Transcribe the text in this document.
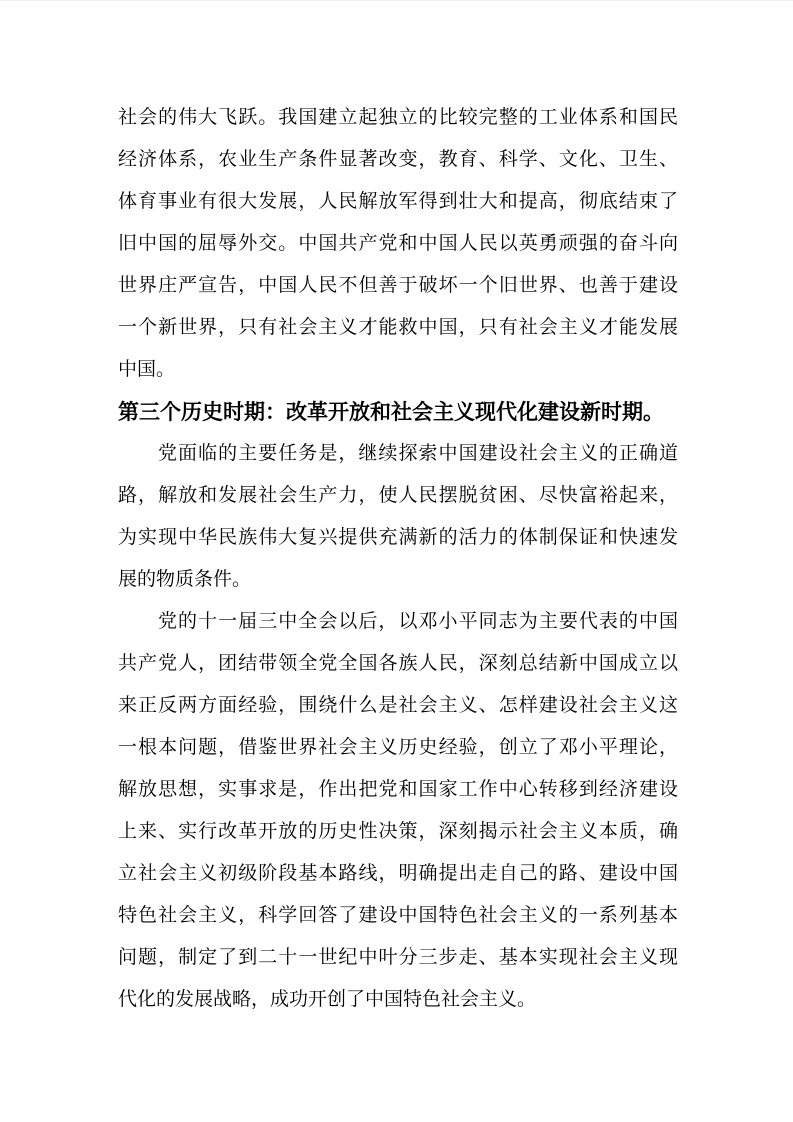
社会的伟大飞跃。我国建立起独立的比较完整的工业体系和国民
经济体系，农业生产条件显著改变，教育、科学、文化、卫生、
体育事业有很大发展，人民解放军得到壮大和提高，彻底结束了
旧中国的屈辱外交。中国共产党和中国人民以英勇顽强的奋斗向
世界庄严宣告，中国人民不但善于破坏一个旧世界、也善于建设
一个新世界，只有社会主义才能救中国，只有社会主义才能发展
中国。
第三个历史时期：改革开放和社会主义现代化建设新时期。
党面临的主要任务是，继续探索中国建设社会主义的正确道
路，解放和发展社会生产力，使人民摆脱贫困、尽快富裕起来，
为实现中华民族伟大复兴提供充满新的活力的体制保证和快速发
展的物质条件。
党的十一届三中全会以后，以邓小平同志为主要代表的中国
共产党人，团结带领全党全国各族人民，深刻总结新中国成立以
来正反两方面经验，围绕什么是社会主义、怎样建设社会主义这
一根本问题，借鉴世界社会主义历史经验，创立了邓小平理论，
解放思想，实事求是，作出把党和国家工作中心转移到经济建设
上来、实行改革开放的历史性决策，深刻揭示社会主义本质，确
立社会主义初级阶段基本路线，明确提出走自己的路、建设中国
特色社会主义，科学回答了建设中国特色社会主义的一系列基本
问题，制定了到二十一世纪中叶分三步走、基本实现社会主义现
代化的发展战略，成功开创了中国特色社会主义。
